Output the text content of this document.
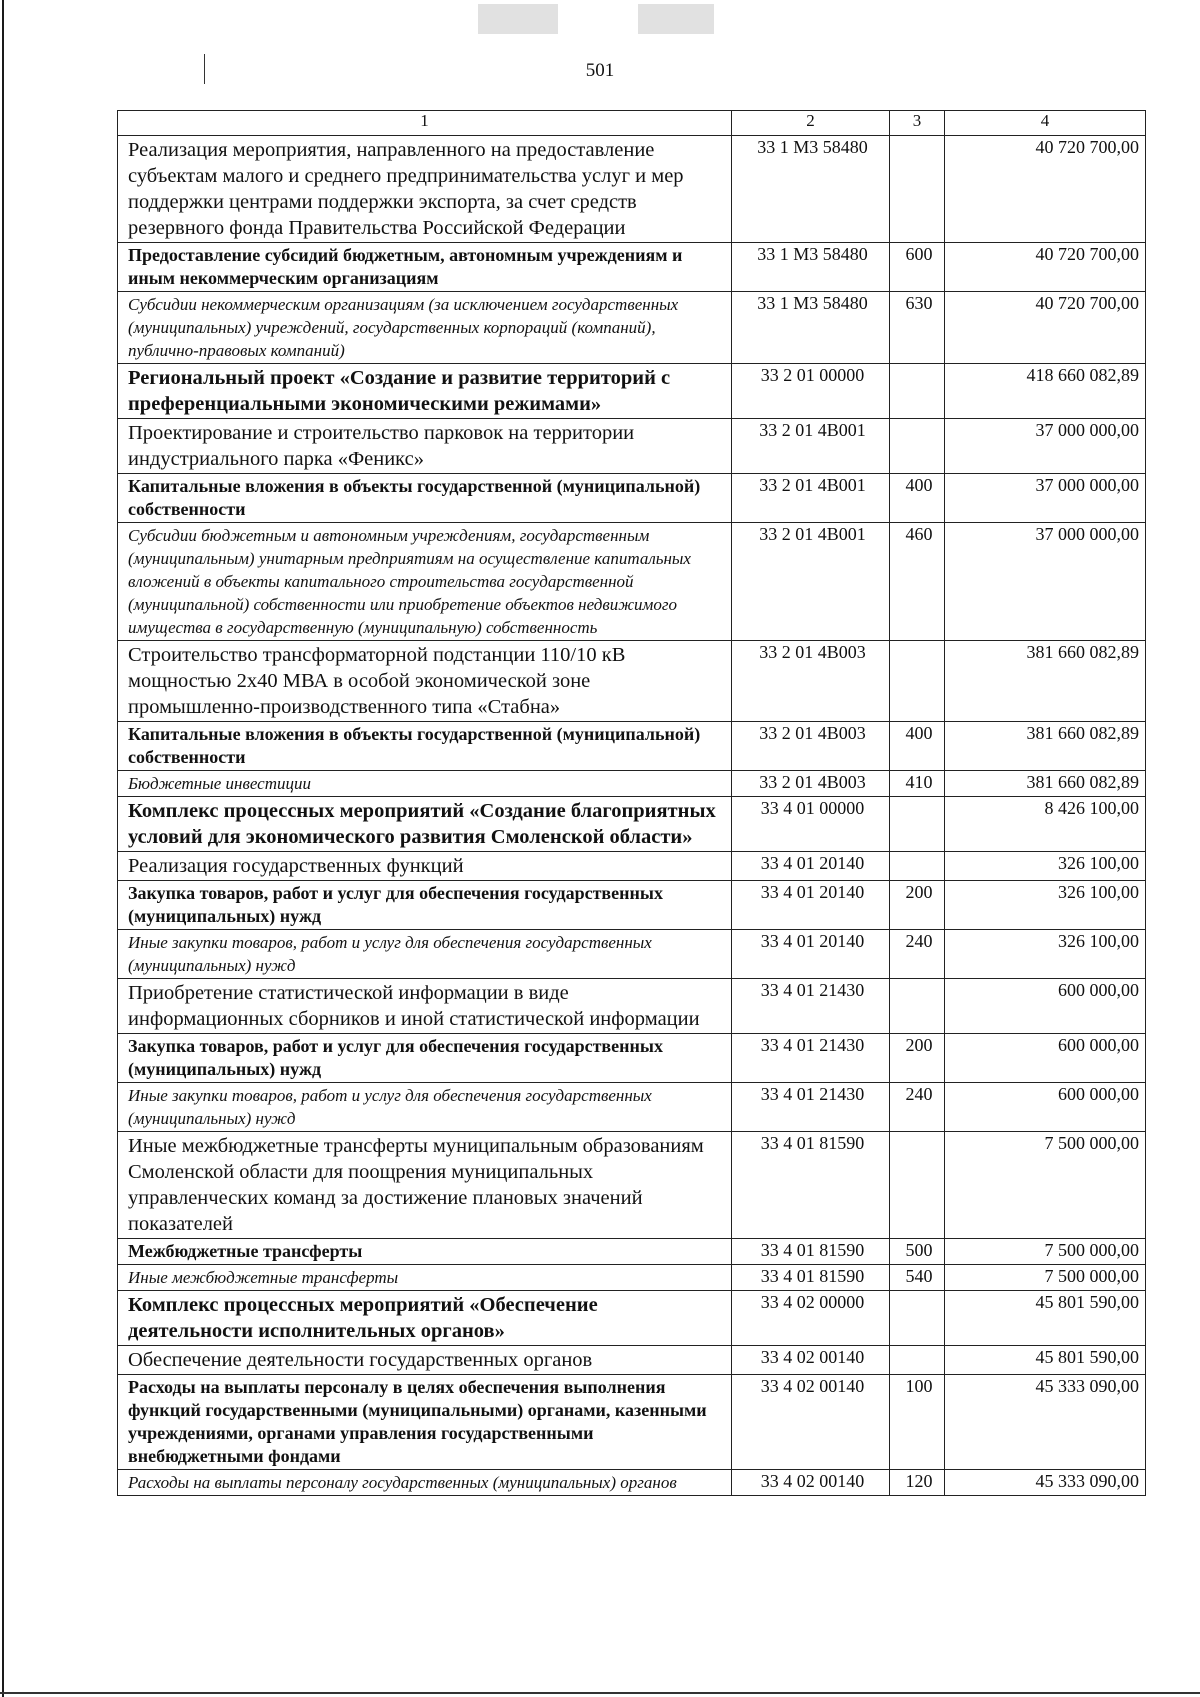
501
1	2	3	4
Реализация мероприятия, направленного на предоставление субъектам малого и среднего предпринимательства услуг и мер поддержки центрами поддержки экспорта, за счет средств резервного фонда Правительства Российской Федерации	33 1 М3 58480		40 720 700,00
Предоставление субсидий бюджетным, автономным учреждениям и иным некоммерческим организациям	33 1 М3 58480	600	40 720 700,00
Субсидии некоммерческим организациям (за исключением государственных (муниципальных) учреждений, государственных корпораций (компаний), публично-правовых компаний)	33 1 М3 58480	630	40 720 700,00
Региональный проект «Создание и развитие территорий с преференциальными экономическими режимами»	33 2 01 00000		418 660 082,89
Проектирование и строительство парковок на территории индустриального парка «Феникс»	33 2 01 4В001		37 000 000,00
Капитальные вложения в объекты государственной (муниципальной) собственности	33 2 01 4В001	400	37 000 000,00
Субсидии бюджетным и автономным учреждениям, государственным (муниципальным) унитарным предприятиям на осуществление капитальных вложений в объекты капитального строительства государственной (муниципальной) собственности или приобретение объектов недвижимого имущества в государственную (муниципальную) собственность	33 2 01 4В001	460	37 000 000,00
Строительство трансформаторной подстанции 110/10 кВ мощностью 2х40 МВА в особой экономической зоне промышленно-производственного типа «Стабна»	33 2 01 4В003		381 660 082,89
Капитальные вложения в объекты государственной (муниципальной) собственности	33 2 01 4В003	400	381 660 082,89
Бюджетные инвестиции	33 2 01 4В003	410	381 660 082,89
Комплекс процессных мероприятий «Создание благоприятных условий для экономического развития Смоленской области»	33 4 01 00000		8 426 100,00
Реализация государственных функций	33 4 01 20140		326 100,00
Закупка товаров, работ и услуг для обеспечения государственных (муниципальных) нужд	33 4 01 20140	200	326 100,00
Иные закупки товаров, работ и услуг для обеспечения государственных (муниципальных) нужд	33 4 01 20140	240	326 100,00
Приобретение статистической информации в виде информационных сборников и иной статистической информации	33 4 01 21430		600 000,00
Закупка товаров, работ и услуг для обеспечения государственных (муниципальных) нужд	33 4 01 21430	200	600 000,00
Иные закупки товаров, работ и услуг для обеспечения государственных (муниципальных) нужд	33 4 01 21430	240	600 000,00
Иные межбюджетные трансферты муниципальным образованиям Смоленской области для поощрения муниципальных управленческих команд за достижение плановых значений показателей	33 4 01 81590		7 500 000,00
Межбюджетные трансферты	33 4 01 81590	500	7 500 000,00
Иные межбюджетные трансферты	33 4 01 81590	540	7 500 000,00
Комплекс процессных мероприятий «Обеспечение деятельности исполнительных органов»	33 4 02 00000		45 801 590,00
Обеспечение деятельности государственных органов	33 4 02 00140		45 801 590,00
Расходы на выплаты персоналу в целях обеспечения выполнения функций государственными (муниципальными) органами, казенными учреждениями, органами управления государственными внебюджетными фондами	33 4 02 00140	100	45 333 090,00
Расходы на выплаты персоналу государственных (муниципальных) органов	33 4 02 00140	120	45 333 090,00
